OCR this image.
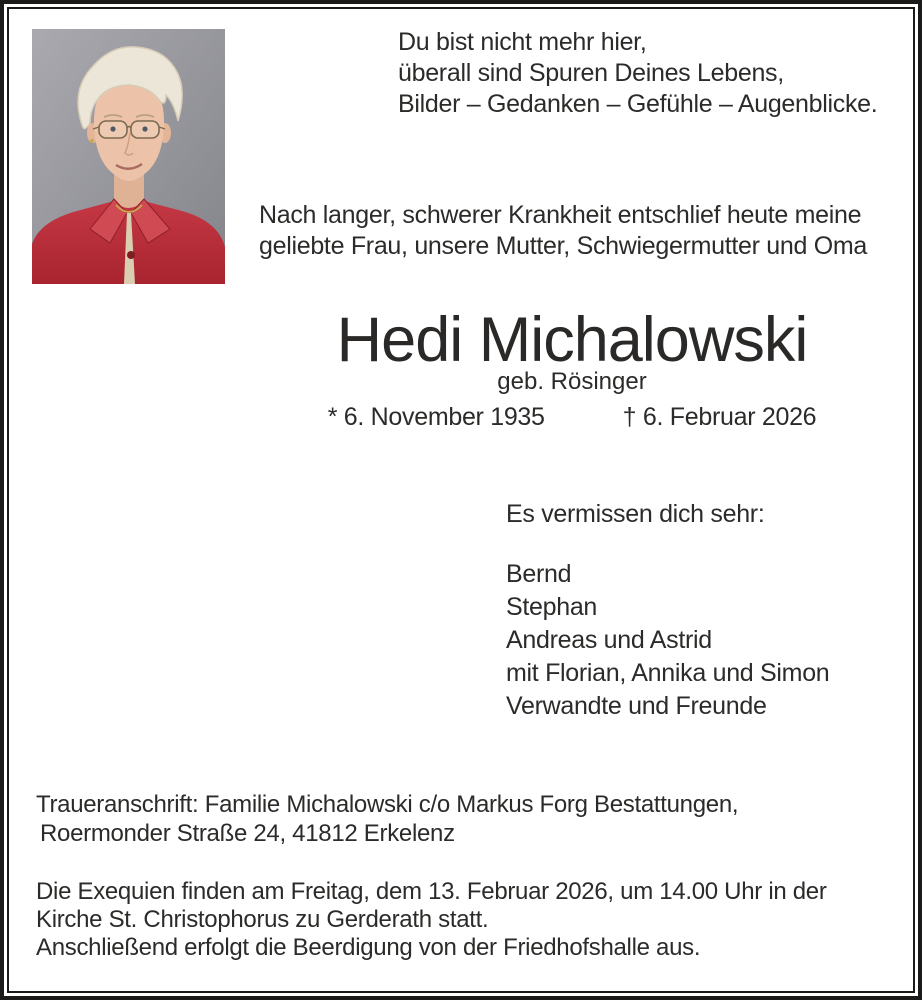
Du bist nicht mehr hier,
überall sind Spuren Deines Lebens,
Bilder – Gedanken – Gefühle – Augenblicke.
Nach langer, schwerer Krankheit entschlief heute meine
geliebte Frau, unsere Mutter, Schwiegermutter und Oma
Hedi Michalowski
geb. Rösinger
* 6. November 1935	† 6. Februar 2026
Es vermissen dich sehr:
Bernd
Stephan
Andreas und Astrid
mit Florian, Annika und Simon
Verwandte und Freunde
Traueranschrift: Familie Michalowski c/o Markus Forg Bestattungen,
Roermonder Straße 24, 41812 Erkelenz
Die Exequien finden am Freitag, dem 13. Februar 2026, um 14.00 Uhr in der
Kirche St. Christophorus zu Gerderath statt.
Anschließend erfolgt die Beerdigung von der Friedhofshalle aus.
